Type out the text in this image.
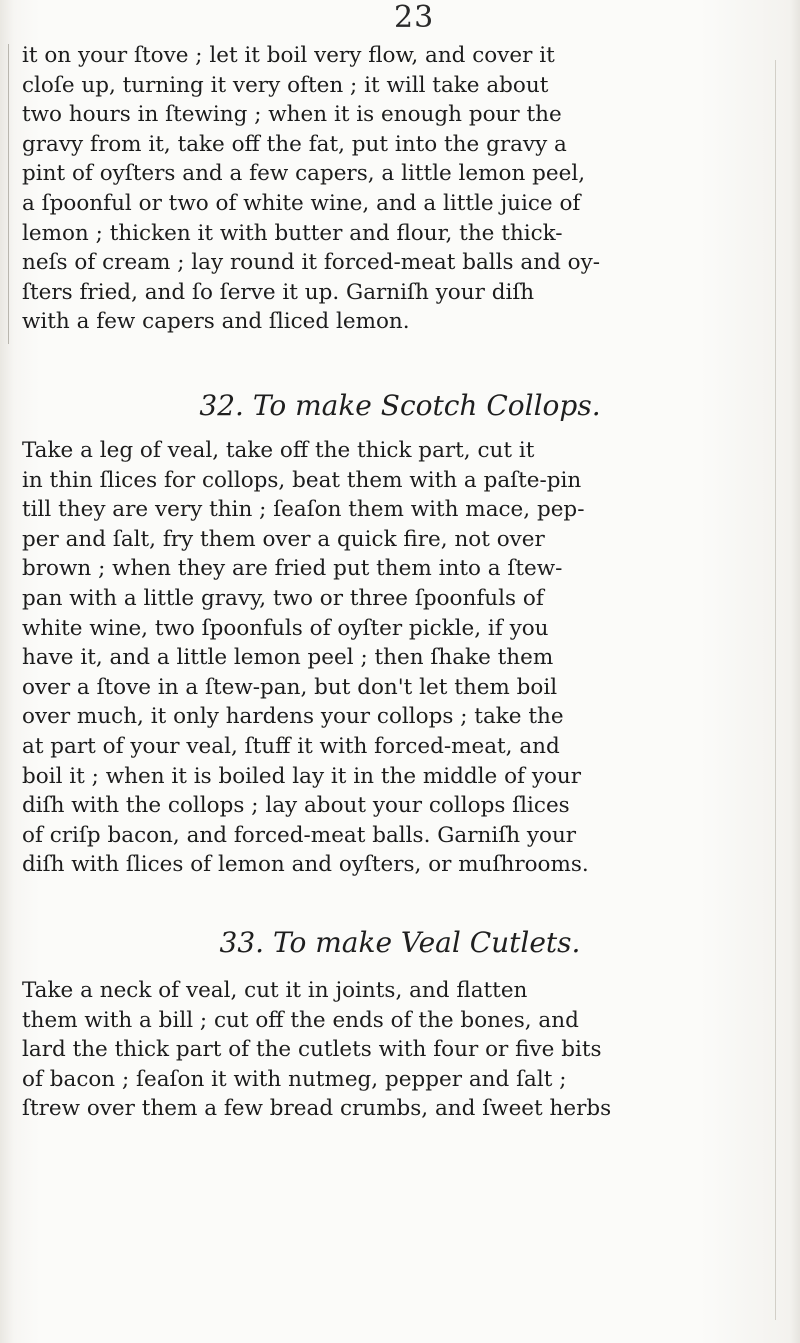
23
it on your ſtove ; let it boil very flow, and cover it
cloſe up, turning it very often ; it will take about
two hours in ſtewing ; when it is enough pour the
gravy from it, take off the fat, put into the gravy a
pint of oyſters and a few capers, a little lemon peel,
a ſpoonful or two of white wine, and a little juice of
lemon ; thicken it with butter and flour, the thick-
neſs of cream ; lay round it forced-meat balls and oy-
ſters fried, and ſo ſerve it up. Garniſh your diſh
with a few capers and ſliced lemon.
32. To make Scotch Collops.
Take a leg of veal, take off the thick part, cut it
in thin ſlices for collops, beat them with a paſte-pin
till they are very thin ; ſeaſon them with mace, pep-
per and ſalt, fry them over a quick fire, not over
brown ; when they are fried put them into a ſtew-
pan with a little gravy, two or three ſpoonfuls of
white wine, two ſpoonfuls of oyſter pickle, if you
have it, and a little lemon peel ; then ſhake them
over a ſtove in a ſtew-pan, but don't let them boil
over much, it only hardens your collops ; take the
at part of your veal, ſtuff it with forced-meat, and
boil it ; when it is boiled lay it in the middle of your
diſh with the collops ; lay about your collops ſlices
of criſp bacon, and forced-meat balls. Garniſh your
diſh with ſlices of lemon and oyſters, or muſhrooms.
33. To make Veal Cutlets.
Take a neck of veal, cut it in joints, and flatten
them with a bill ; cut off the ends of the bones, and
lard the thick part of the cutlets with four or five bits
of bacon ; ſeaſon it with nutmeg, pepper and ſalt ;
ſtrew over them a few bread crumbs, and ſweet herbs
